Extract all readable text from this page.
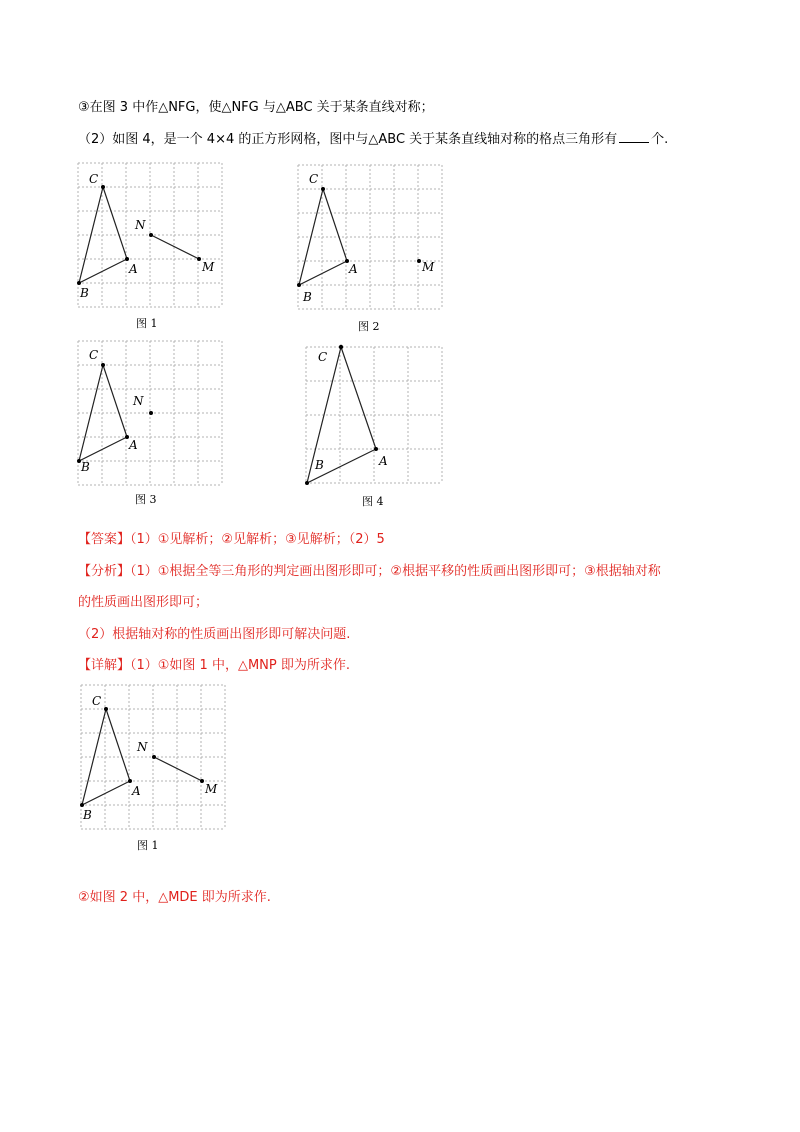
③在图 3 中作△NFG，使△NFG 与△ABC 关于某条直线对称；
（2）如图 4，是一个 4×4 的正方形网格，图中与△ABC 关于某条直线轴对称的格点三角形有	个.
C
N
A	M
B
图 1
C
A	M
B
图 2
C
N
A
B
图 3
C
A
B
图 4
【答案】（1）①见解析；②见解析；③见解析；（2）5
【分析】（1）①根据全等三角形的判定画出图形即可；②根据平移的性质画出图形即可；③根据轴对称
的性质画出图形即可；
（2）根据轴对称的性质画出图形即可解决问题.
【详解】（1）①如图 1 中，△MNP 即为所求作.
C
N
A	M
B
图 1
②如图 2 中，△MDE 即为所求作.
